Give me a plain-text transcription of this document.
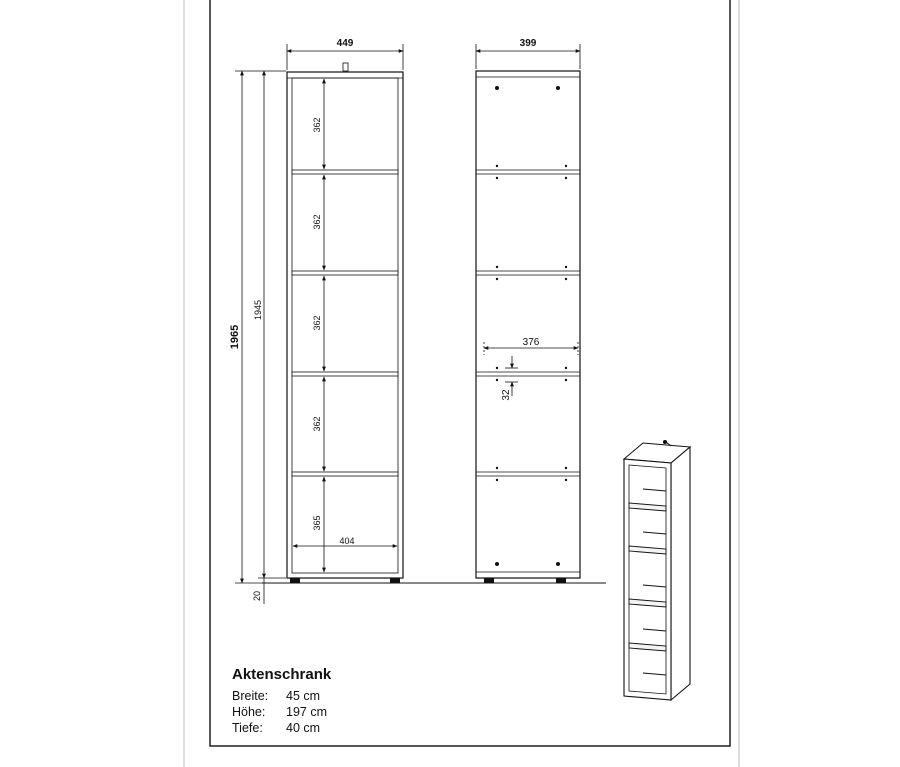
449	399
1965
1945
20
362
362
362
362
365
404
376
32
Aktenschrank
Breite: 45 cm
Höhe: 197 cm
Tiefe: 40 cm
